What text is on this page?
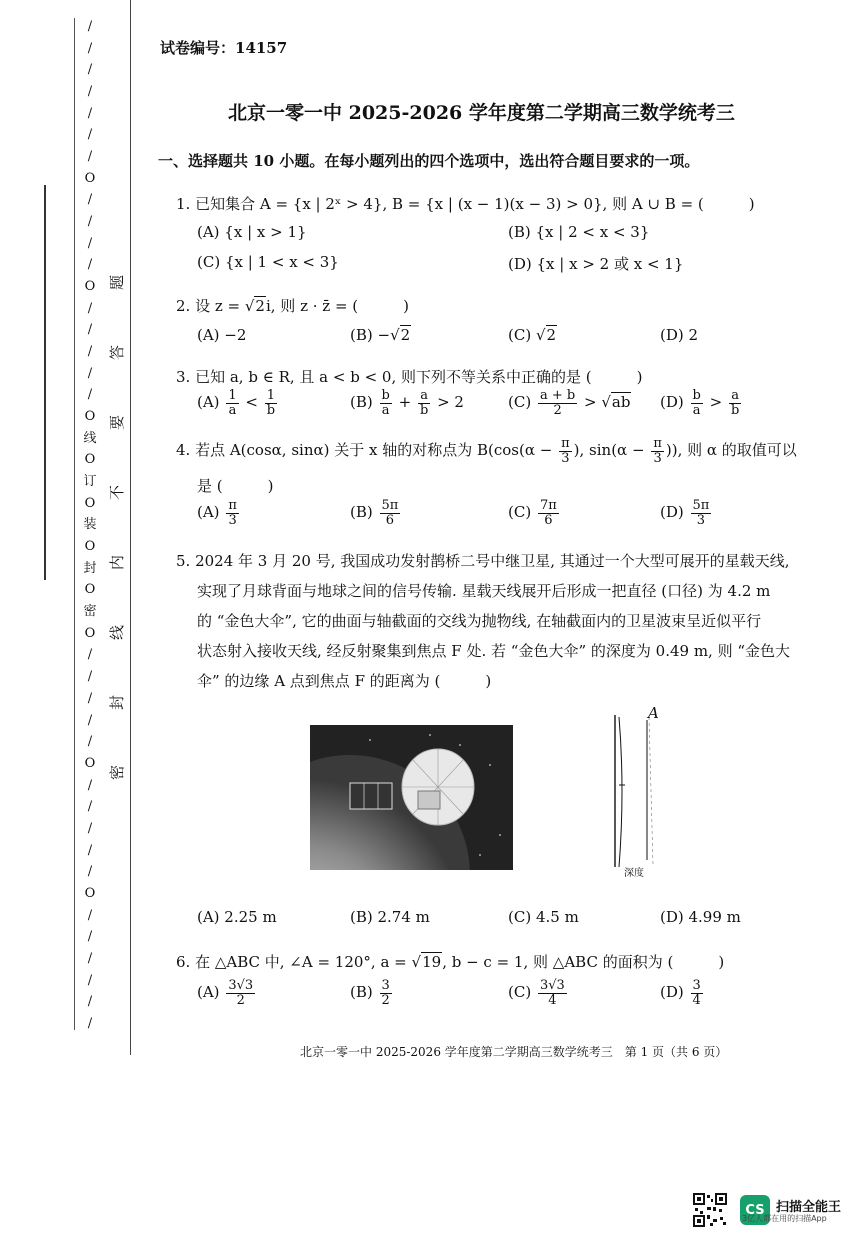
/
/
/
/
/
/
/
O
/
/
/
/
O
/
/
/
/
/
O
线
O
订
O
装
O
封
O
密
O
/
/
/
/
/
O
/
/
/
/
/
O
/
/
/
/
/
/
题
答
要
不
内
线
封
密
试卷编号：14157
北京一零一中 2025-2026 学年度第二学期高三数学统考三
一、选择题共 10 小题。在每小题列出的四个选项中，选出符合题目要求的一项。
1. 已知集合 A = {x | 2ˣ > 4}, B = {x | (x − 1)(x − 3) > 0}, 则 A ∪ B = (　　　)
(A) {x | x > 1}	(B) {x | 2 < x < 3}
(C) {x | 1 < x < 3}	(D) {x | x > 2 或 x < 1}
2. 设 z = √2i, 则 z · z̄ = (　　　)
(A) −2	(B) −√2	(C) √2	(D) 2
3. 已知 a, b ∈ R, 且 a < b < 0, 则下列不等关系中正确的是 (　　　)
$(A) \frac{1}{a} < \frac{1}{b}$	$(B) \frac{b}{a} + \frac{a}{b} > 2$	$(C) \frac{a + b}{2} > √ab$ $(D) \frac{b}{a} > \frac{a}{b}$
4. 若点 A(cosα, sinα) 关于 x 轴的对称点为 $B(\cos(\alpha - \frac{\pi}{3}$ ), $\sin(\alpha - \frac{\pi}{3}$ )), 则 α 的取值可以
是 (　　　)
$(A) \frac{\pi}{3}$	$(B) \frac{5\pi}{6}$	$(C) \frac{7\pi}{6}$	$(D) \frac{5\pi}{3}$
5. 2024 年 3 月 20 号, 我国成功发射鹊桥二号中继卫星, 其通过一个大型可展开的星载天线,
实现了月球背面与地球之间的信号传输. 星载天线展开后形成一把直径 (口径) 为 4.2 m
的 “金色大伞”, 它的曲面与轴截面的交线为抛物线, 在轴截面内的卫星波束呈近似平行
状态射入接收天线, 经反射聚集到焦点 F 处. 若 “金色大伞” 的深度为 0.49 m, 则 “金色大
伞” 的边缘 A 点到焦点 F 的距离为 (　　　)
A
深度
(A) 2.25 m	(B) 2.74 m	(C) 4.5 m	(D) 4.99 m
6. 在 △ABC 中, ∠A = 120°, a = √19, b − c = 1, 则 △ABC 的面积为 (　　　)
$(A) \frac{3√3}{2}$	$(B) \frac{3}{2}$	$(C) \frac{3√3}{4}$	$(D) \frac{3}{4}$
北京一零一中 2025-2026 学年度第二学期高三数学统考三　第 1 页（共 6 页）
CS 扫描全能王
3亿人都在用的扫描App
